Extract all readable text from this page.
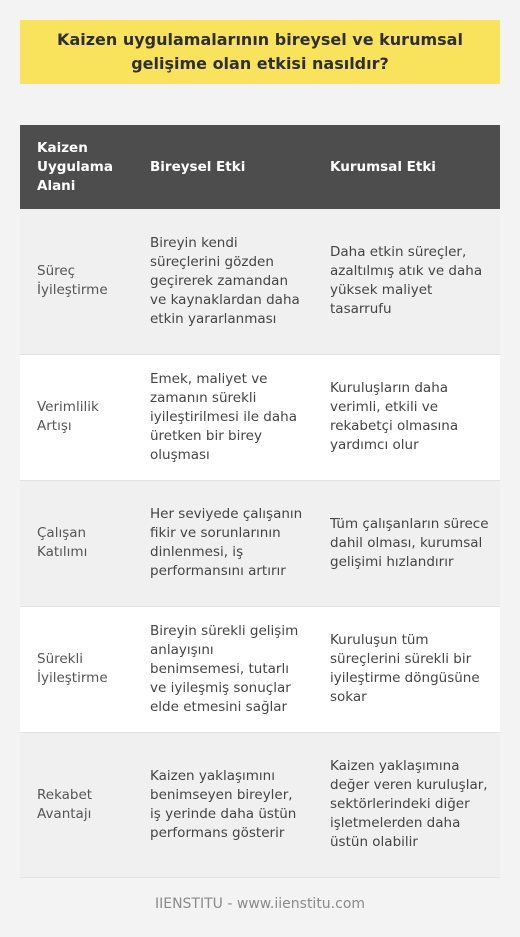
Kaizen uygulamalarının bireysel ve kurumsal gelişime olan etkisi nasıldır?
Kaizen Uygulama Alani	Bireysel Etki	Kurumsal Etki
Süreç İyileştirme	Bireyin kendi süreçlerini gözden geçirerek zamandan ve kaynaklardan daha etkin yararlanması	Daha etkin süreçler, azaltılmış atık ve daha yüksek maliyet tasarrufu
Verimlilik Artışı	Emek, maliyet ve zamanın sürekli iyileştirilmesi ile daha üretken bir birey oluşması	Kuruluşların daha verimli, etkili ve rekabetçi olmasına yardımcı olur
Çalışan Katılımı	Her seviyede çalışanın fikir ve sorunlarının dinlenmesi, iş performansını artırır	Tüm çalışanların sürece dahil olması, kurumsal gelişimi hızlandırır
Sürekli İyileştirme	Bireyin sürekli gelişim anlayışını benimsemesi, tutarlı ve iyileşmiş sonuçlar elde etmesini sağlar	Kuruluşun tüm süreçlerini sürekli bir iyileştirme döngüsüne sokar
Rekabet Avantajı	Kaizen yaklaşımını benimseyen bireyler, iş yerinde daha üstün performans gösterir	Kaizen yaklaşımına değer veren kuruluşlar, sektörlerindeki diğer işletmelerden daha üstün olabilir
IIENSTITU - www.iienstitu.com
